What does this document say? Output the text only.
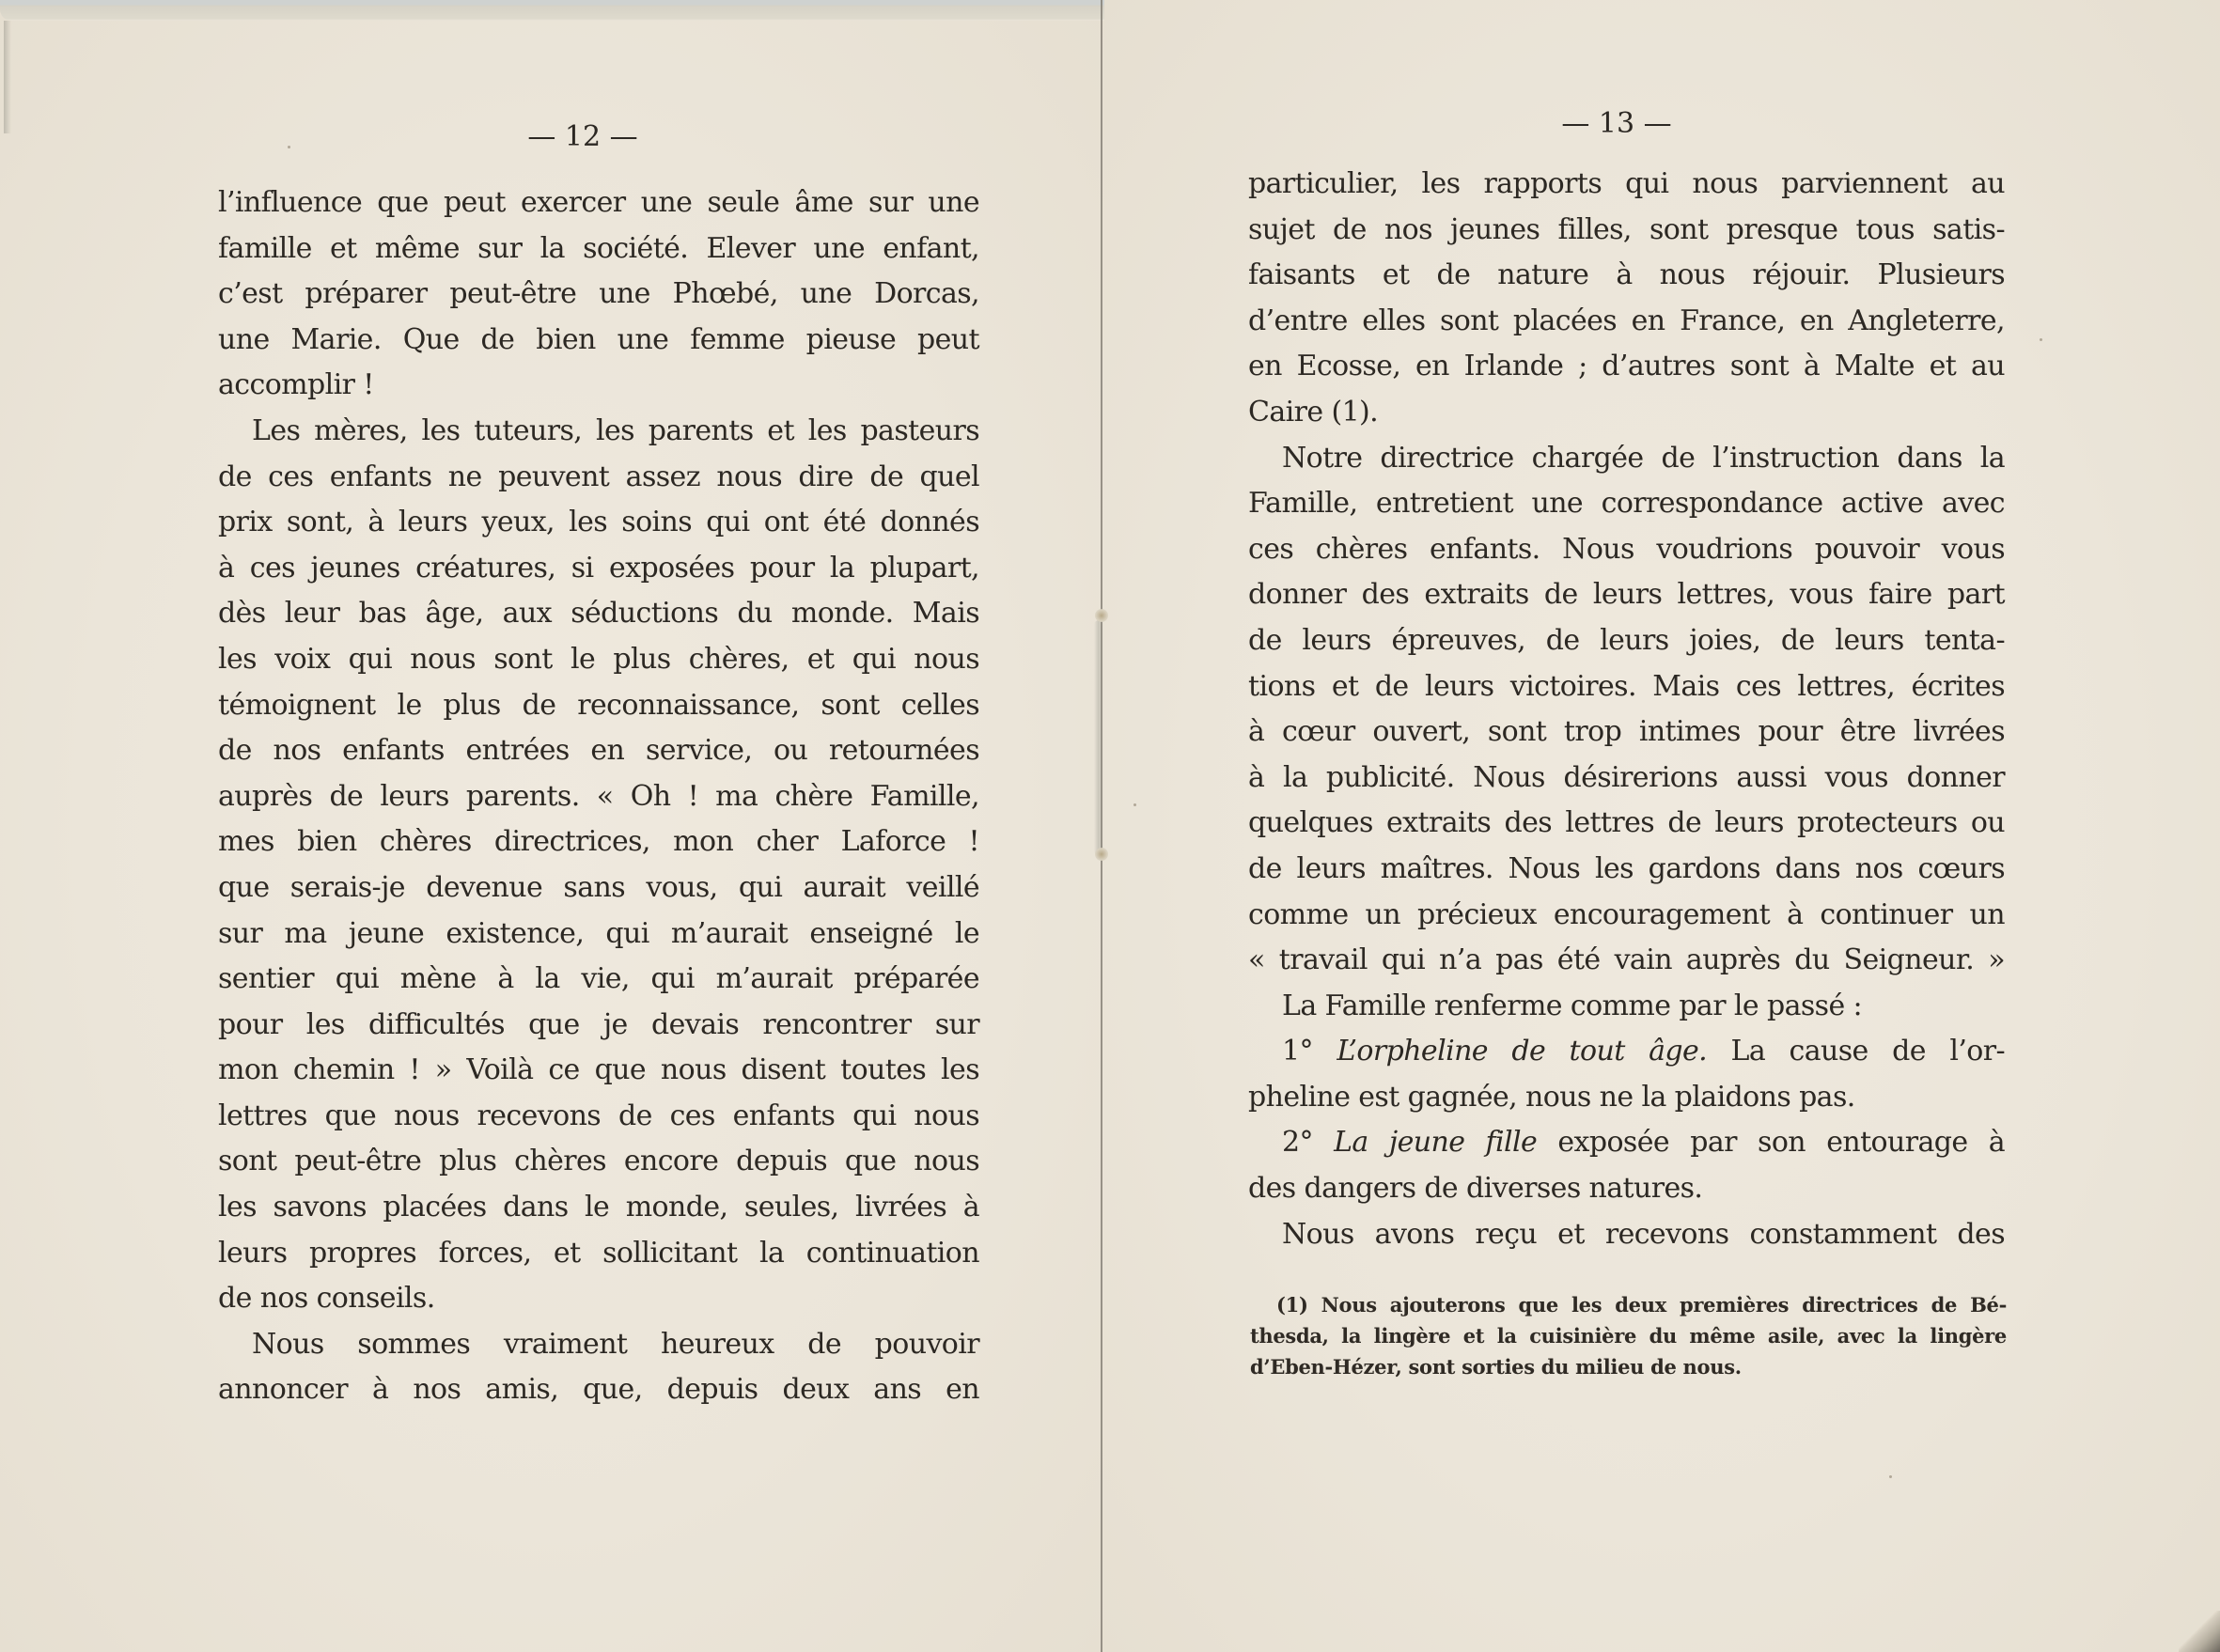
— 12 —
l’influence que peut exercer une seule âme sur une
famille et même sur la société. Elever une enfant,
c’est préparer peut-être une Phœbé, une Dorcas,
une Marie. Que de bien une femme pieuse peut
accomplir !
Les mères, les tuteurs, les parents et les pasteurs
de ces enfants ne peuvent assez nous dire de quel
prix sont, à leurs yeux, les soins qui ont été donnés
à ces jeunes créatures, si exposées pour la plupart,
dès leur bas âge, aux séductions du monde. Mais
les voix qui nous sont le plus chères, et qui nous
témoignent le plus de reconnaissance, sont celles
de nos enfants entrées en service, ou retournées
auprès de leurs parents. « Oh ! ma chère Famille,
mes bien chères directrices, mon cher Laforce !
que serais-je devenue sans vous, qui aurait veillé
sur ma jeune existence, qui m’aurait enseigné le
sentier qui mène à la vie, qui m’aurait préparée
pour les difficultés que je devais rencontrer sur
mon chemin ! » Voilà ce que nous disent toutes les
lettres que nous recevons de ces enfants qui nous
sont peut-être plus chères encore depuis que nous
les savons placées dans le monde, seules, livrées à
leurs propres forces, et sollicitant la continuation
de nos conseils.
Nous sommes vraiment heureux de pouvoir
annoncer à nos amis, que, depuis deux ans en
— 13 —
particulier, les rapports qui nous parviennent au
sujet de nos jeunes filles, sont presque tous satis-
faisants et de nature à nous réjouir. Plusieurs
d’entre elles sont placées en France, en Angleterre,
en Ecosse, en Irlande ; d’autres sont à Malte et au
Caire (1).
Notre directrice chargée de l’instruction dans la
Famille, entretient une correspondance active avec
ces chères enfants. Nous voudrions pouvoir vous
donner des extraits de leurs lettres, vous faire part
de leurs épreuves, de leurs joies, de leurs tenta-
tions et de leurs victoires. Mais ces lettres, écrites
à cœur ouvert, sont trop intimes pour être livrées
à la publicité. Nous désirerions aussi vous donner
quelques extraits des lettres de leurs protecteurs ou
de leurs maîtres. Nous les gardons dans nos cœurs
comme un précieux encouragement à continuer un
« travail qui n’a pas été vain auprès du Seigneur. »
La Famille renferme comme par le passé :
1° L’orpheline de tout âge. La cause de l’or-
pheline est gagnée, nous ne la plaidons pas.
2° La jeune fille exposée par son entourage à
des dangers de diverses natures.
Nous avons reçu et recevons constamment des
(1) Nous ajouterons que les deux premières directrices de Bé-
thesda, la lingère et la cuisinière du même asile, avec la lingère
d’Eben-Hézer, sont sorties du milieu de nous.
